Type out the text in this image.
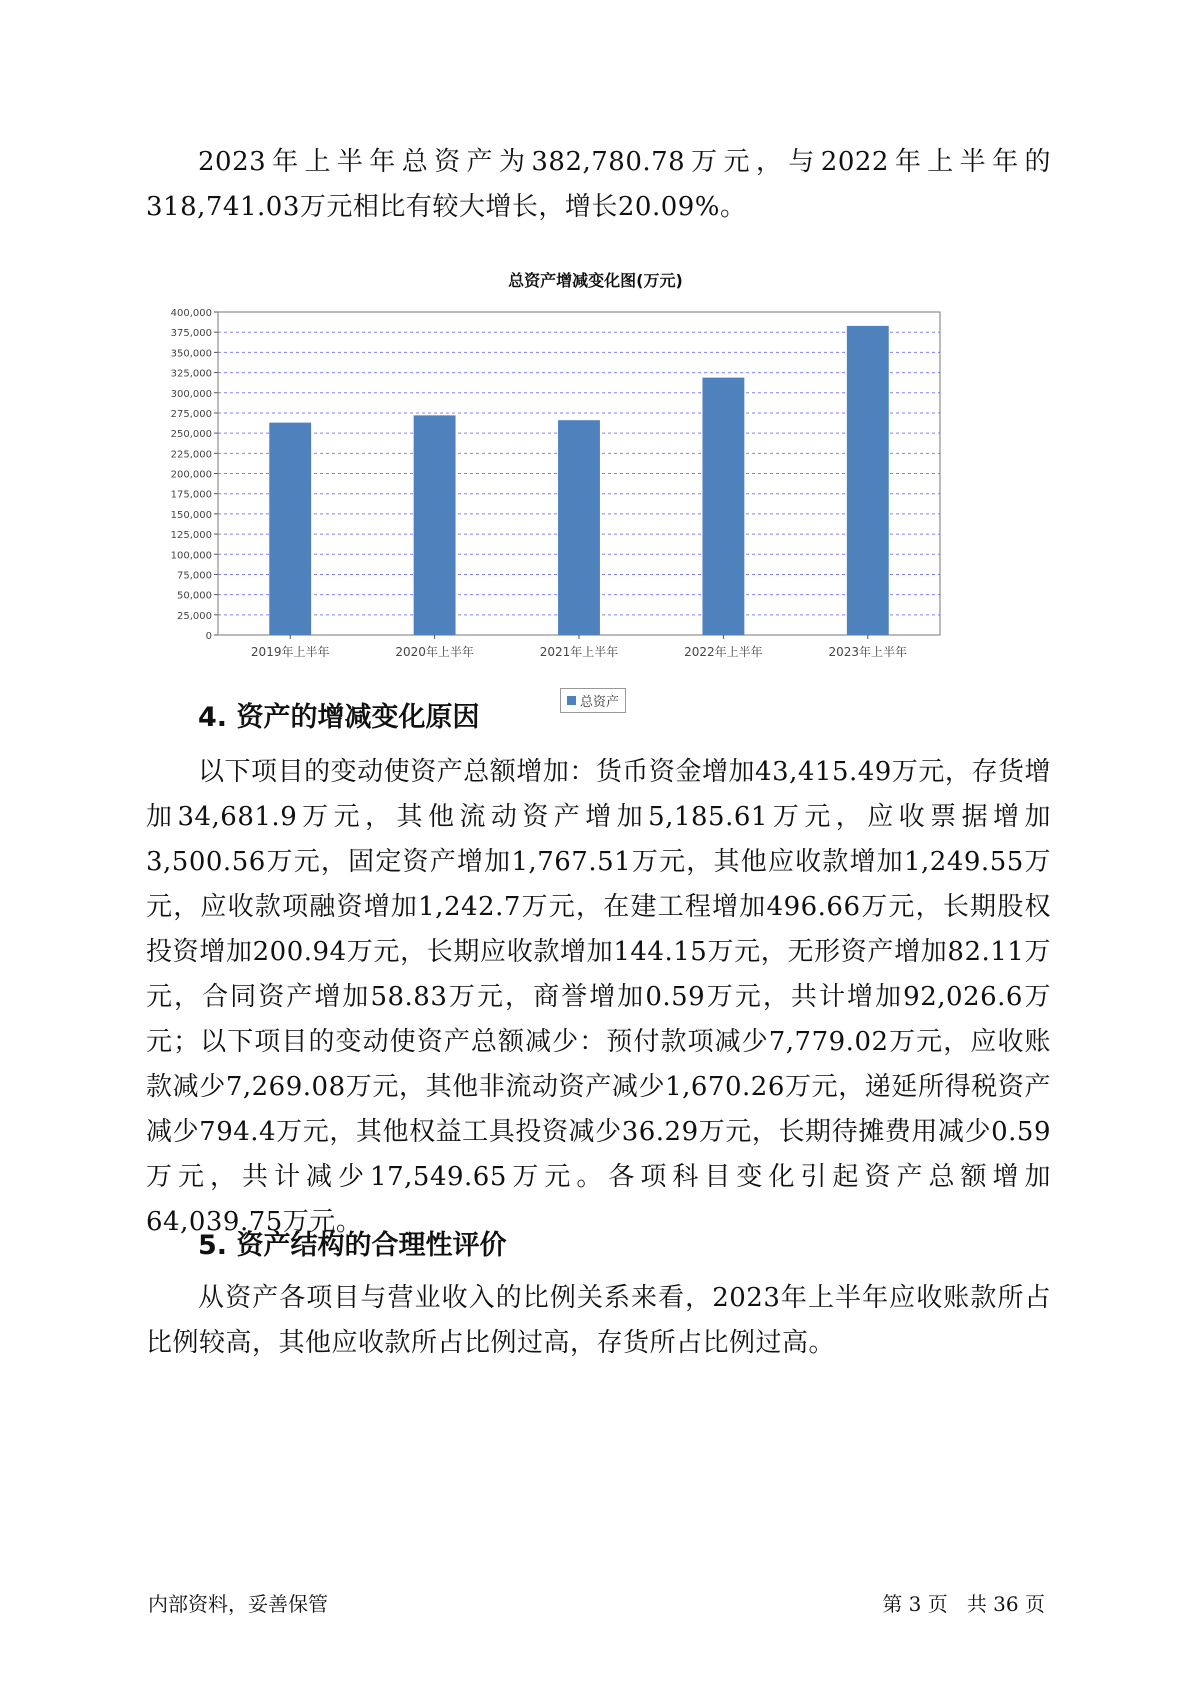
2023年上半年总资产为382,780.78万元，与2022年上半年的318,741.03万元相比有较大增长，增长20.09%。

总资产增减变化图(万元)
0
25,000
50,000
75,000
100,000
125,000
150,000
175,000
200,000
225,000
250,000
275,000
300,000
325,000
350,000
375,000
400,000
2019年上半年	2020年上半年	2021年上半年	2022年上半年	2023年上半年
总资产
4. 资产的增减变化原因

以下项目的变动使资产总额增加：货币资金增加43,415.49万元，存货增加34,681.9万元，其他流动资产增加5,185.61万元，应收票据增加3,500.56万元，固定资产增加1,767.51万元，其他应收款增加1,249.55万元，应收款项融资增加1,242.7万元，在建工程增加496.66万元，长期股权投资增加200.94万元，长期应收款增加144.15万元，无形资产增加82.11万元，合同资产增加58.83万元，商誉增加0.59万元，共计增加92,026.6万元；以下项目的变动使资产总额减少：预付款项减少7,779.02万元，应收账款减少7,269.08万元，其他非流动资产减少1,670.26万元，递延所得税资产减少794.4万元，其他权益工具投资减少36.29万元，长期待摊费用减少0.59万元，共计减少17,549.65万元。各项科目变化引起资产总额增加64,039.75万元。

5. 资产结构的合理性评价

从资产各项目与营业收入的比例关系来看，2023年上半年应收账款所占比例较高，其他应收款所占比例过高，存货所占比例过高。

内部资料，妥善保管	第 3 页   共 36 页
